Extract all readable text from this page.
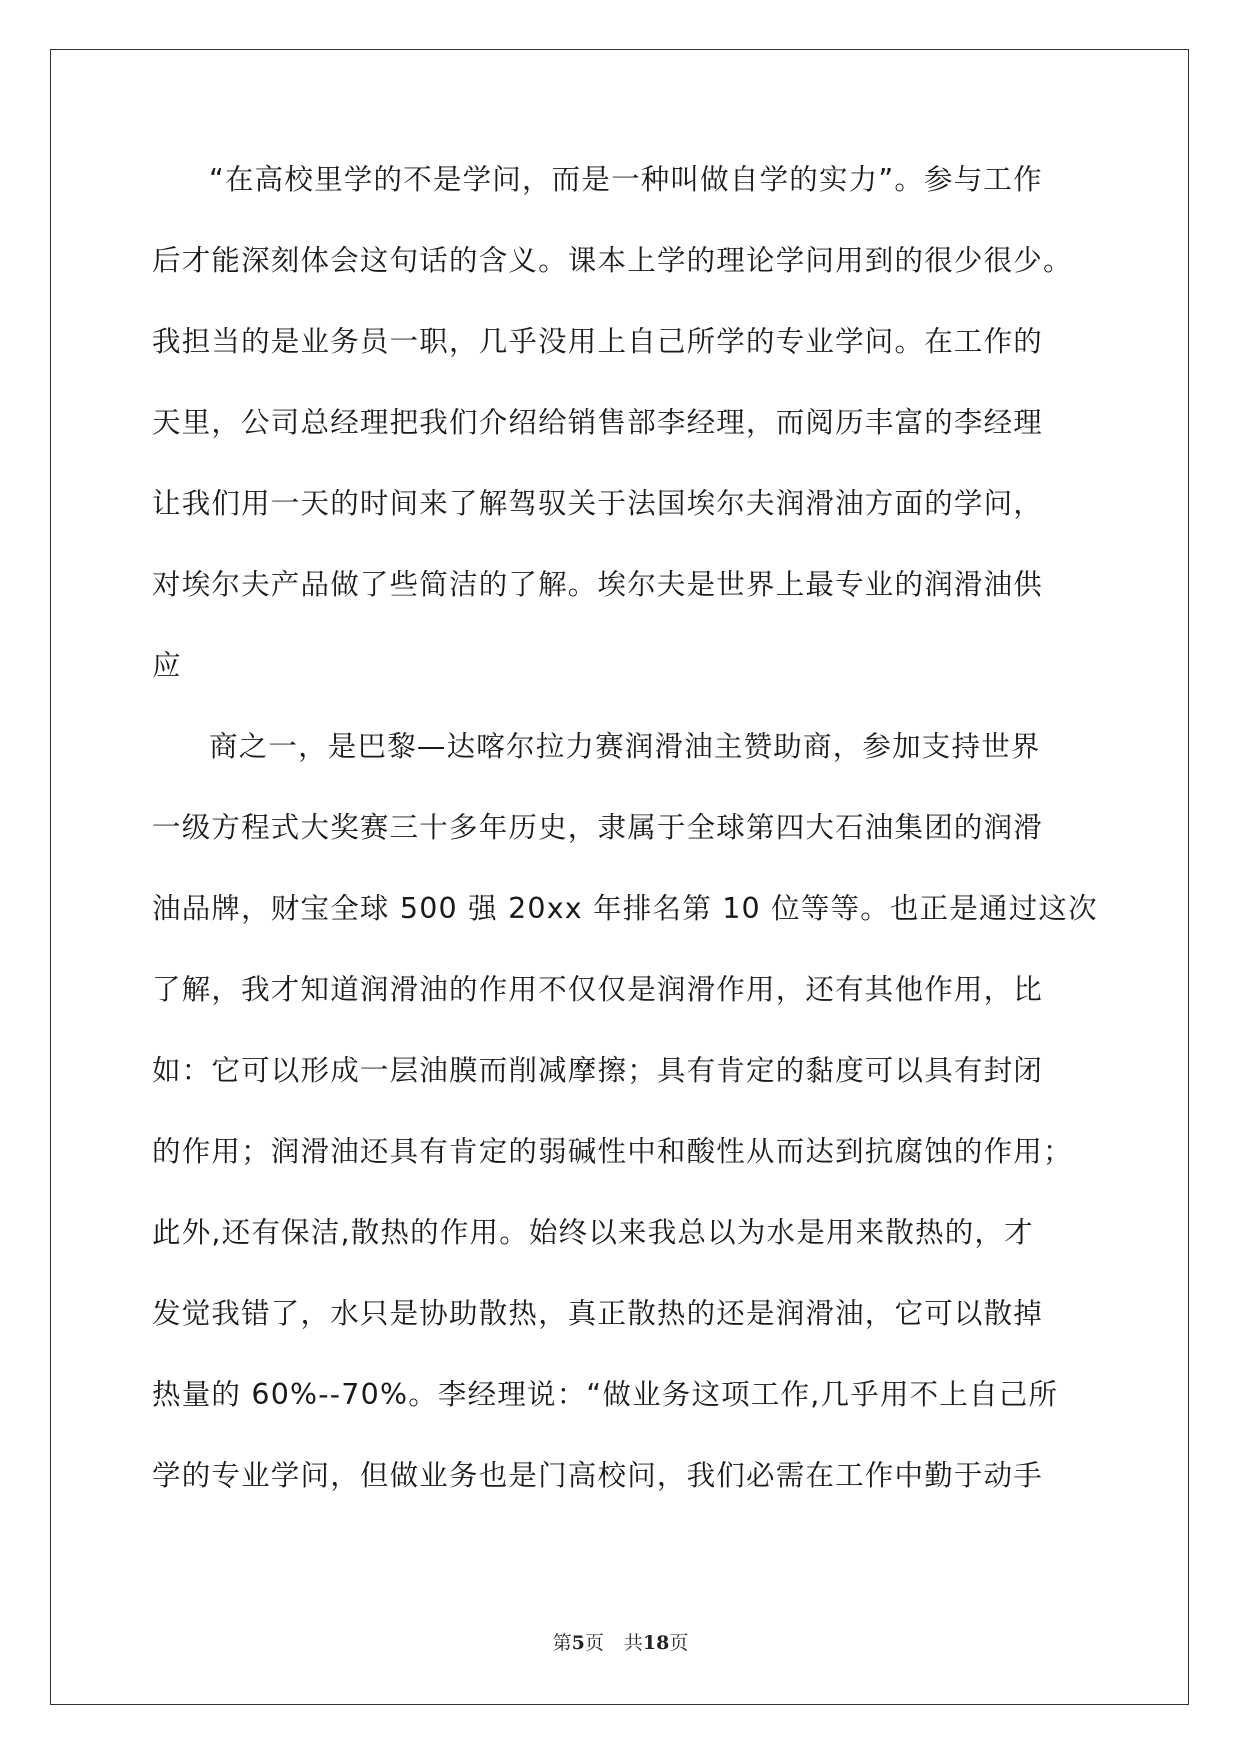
“在高校里学的不是学问，而是一种叫做自学的实力”。参与工作
后才能深刻体会这句话的含义。课本上学的理论学问用到的很少很少。
我担当的是业务员一职，几乎没用上自己所学的专业学问。在工作的
天里，公司总经理把我们介绍给销售部李经理，而阅历丰富的李经理
让我们用一天的时间来了解驾驭关于法国埃尔夫润滑油方面的学问，
对埃尔夫产品做了些简洁的了解。埃尔夫是世界上最专业的润滑油供
应
商之一，是巴黎—达喀尔拉力赛润滑油主赞助商，参加支持世界
一级方程式大奖赛三十多年历史，隶属于全球第四大石油集团的润滑
油品牌，财宝全球 500 强 20xx 年排名第 10 位等等。也正是通过这次
了解，我才知道润滑油的作用不仅仅是润滑作用，还有其他作用，比
如：它可以形成一层油膜而削减摩擦；具有肯定的黏度可以具有封闭
的作用；润滑油还具有肯定的弱碱性中和酸性从而达到抗腐蚀的作用；
此外,还有保洁,散热的作用。始终以来我总以为水是用来散热的，才
发觉我错了，水只是协助散热，真正散热的还是润滑油，它可以散掉
热量的 60%--70%。李经理说：“做业务这项工作,几乎用不上自己所
学的专业学问，但做业务也是门高校问，我们必需在工作中勤于动手
第5页 共18页
